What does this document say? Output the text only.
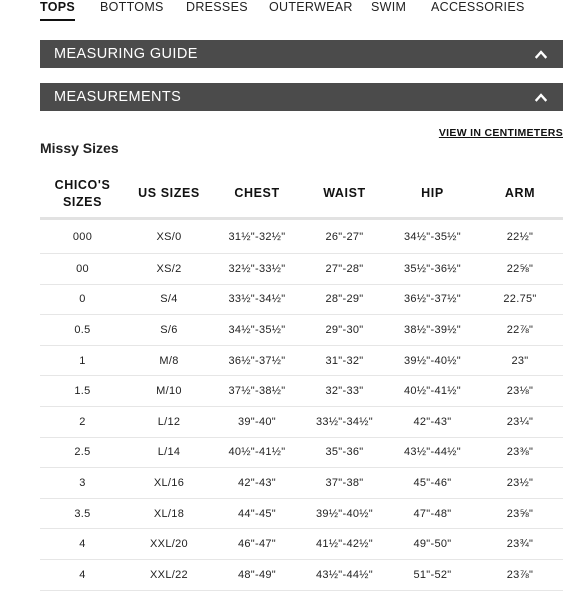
TOPS BOTTOMS DRESSES OUTERWEAR SWIM ACCESSORIES
MEASURING GUIDE
MEASUREMENTS
VIEW IN CENTIMETERS
Missy Sizes
CHICO'S SIZES	US SIZES	CHEST	WAIST	HIP	ARM
000	XS/0	31½"-32½"	26"-27"	34½"-35½"	22½"
00	XS/2	32½"-33½"	27"-28"	35½"-36½"	22⅝"
0	S/4	33½"-34½"	28"-29"	36½"-37½"	22.75"
0.5	S/6	34½"-35½"	29"-30"	38½"-39½"	22⅞"
1	M/8	36½"-37½"	31"-32"	39½"-40½"	23"
1.5	M/10	37½"-38½"	32"-33"	40½"-41½"	23⅛"
2	L/12	39"-40"	33½"-34½"	42"-43"	23¼"
2.5	L/14	40½"-41½"	35"-36"	43½"-44½"	23⅜"
3	XL/16	42"-43"	37"-38"	45"-46"	23½"
3.5	XL/18	44"-45"	39½"-40½"	47"-48"	23⅝"
4	XXL/20	46"-47"	41½"-42½"	49"-50"	23¾"
4	XXL/22	48"-49"	43½"-44½"	51"-52"	23⅞"
